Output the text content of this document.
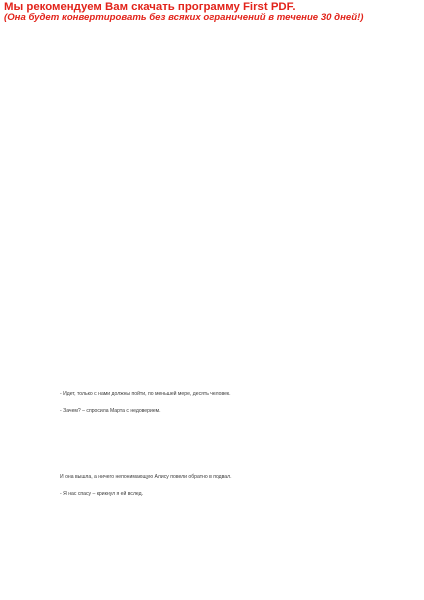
Мы рекомендуем Вам скачать программу First PDF.
(Она будет конвертировать без всяких ограничений в течение 30 дней!)
- Идет, только с нами должны пойти, по меньшей мере, десять человек.
- Зачем? – спросила Марта с недоверием.
И она вышла, а ничего непонимающую Алису повели обратно в подвал.
- Я нас спасу – крикнул я ей вслед.
